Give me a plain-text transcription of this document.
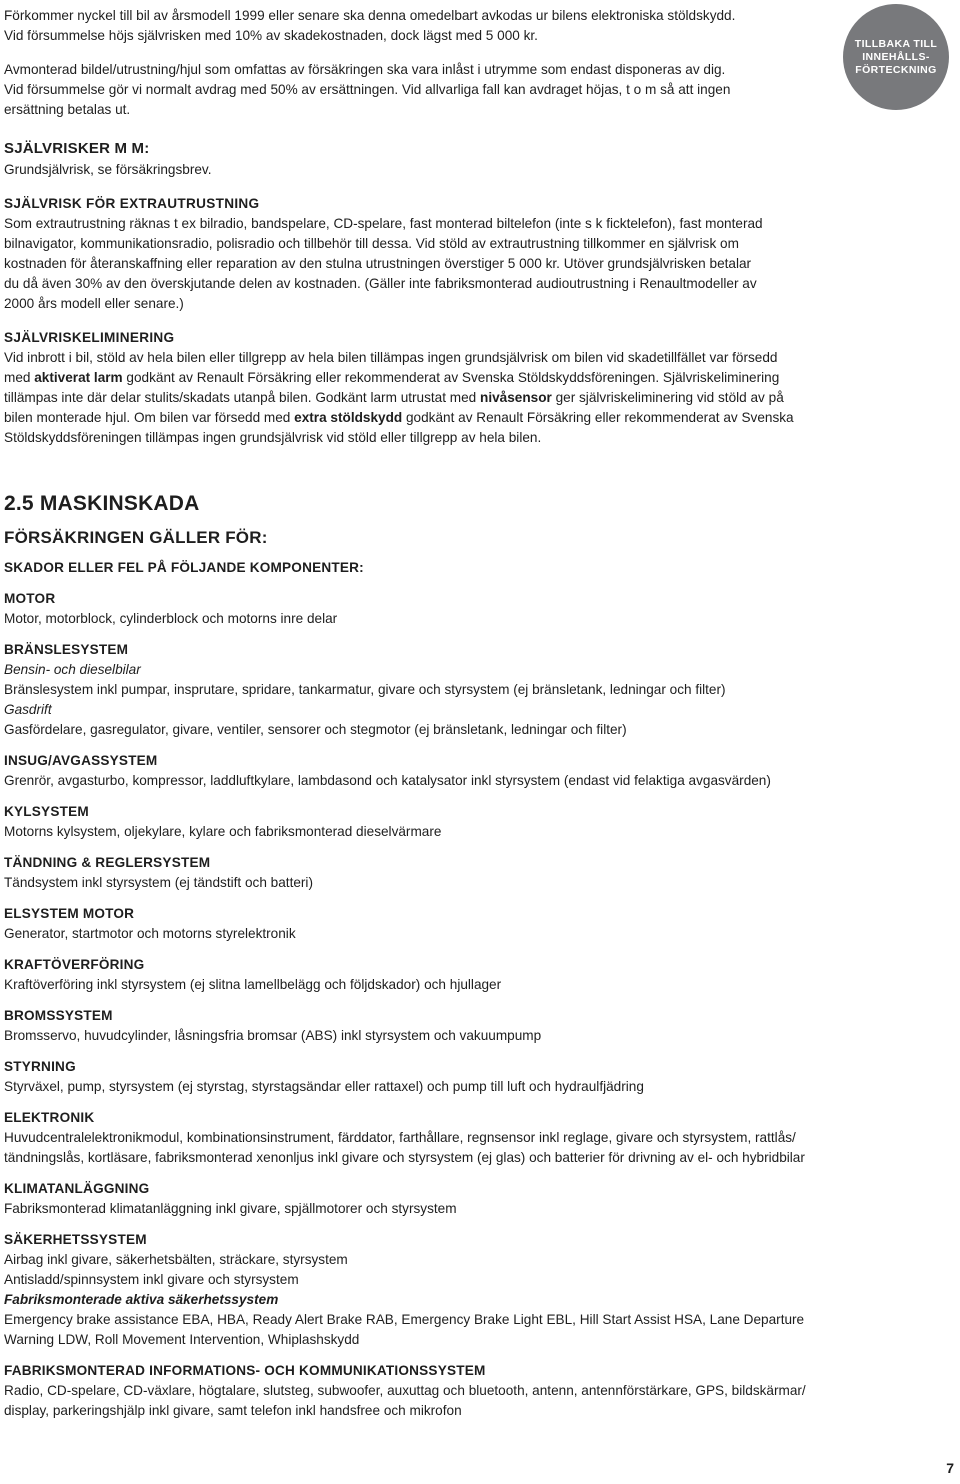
Förkommer nyckel till bil av årsmodell 1999 eller senare ska denna omedelbart avkodas ur bilens elektroniska stöldskydd.

Vid försummelse höjs självrisken med 10% av skadekostnaden, dock lägst med 5 000 kr.

Avmonterad bildel/utrustning/hjul som omfattas av försäkringen ska vara inlåst i utrymme som endast disponeras av dig.

Vid försummelse gör vi normalt avdrag med 50% av ersättningen. Vid allvarliga fall kan avdraget höjas, t o m så att ingen

ersättning betalas ut.

SJÄLVRISKER M M:

Grundsjälvrisk, se försäkringsbrev.

SJÄLVRISK FÖR EXTRAUTRUSTNING

Som extrautrustning räknas t ex bilradio, bandspelare, CD-spelare, fast monterad biltelefon (inte s k ficktelefon), fast monterad

bilnavigator, kommunikationsradio, polisradio och tillbehör till dessa. Vid stöld av extrautrustning tillkommer en självrisk om

kostnaden för återanskaffning eller reparation av den stulna utrustningen överstiger 5 000 kr. Utöver grundsjälvrisken betalar

du då även 30% av den överskjutande delen av kostnaden. (Gäller inte fabriksmonterad audioutrustning i Renaultmodeller av

2000 års modell eller senare.)

SJÄLVRISKELIMINERING

Vid inbrott i bil, stöld av hela bilen eller tillgrepp av hela bilen tillämpas ingen grundsjälvrisk om bilen vid skadetillfället var försedd

med aktiverat larm godkänt av Renault Försäkring eller rekommenderat av Svenska Stöldskyddsföreningen. Självriskeliminering

tillämpas inte där delar stulits/skadats utanpå bilen. Godkänt larm utrustat med nivåsensor ger självriskeliminering vid stöld av på

bilen monterade hjul. Om bilen var försedd med extra stöldskydd godkänt av Renault Försäkring eller rekommenderat av Svenska

Stöldskyddsföreningen tillämpas ingen grundsjälvrisk vid stöld eller tillgrepp av hela bilen.

2.5 MASKINSKADA
FÖRSÄKRINGEN GÄLLER FÖR:
SKADOR ELLER FEL PÅ FÖLJANDE KOMPONENTER:
MOTOR

Motor, motorblock, cylinderblock och motorns inre delar

BRÄNSLESYSTEM

Bensin- och dieselbilar

Bränslesystem inkl pumpar, insprutare, spridare, tankarmatur, givare och styrsystem (ej bränsletank, ledningar och filter)

Gasdrift

Gasfördelare, gasregulator, givare, ventiler, sensorer och stegmotor (ej bränsletank, ledningar och filter)

INSUG/AVGASSYSTEM

Grenrör, avgasturbo, kompressor, laddluftkylare, lambdasond och katalysator inkl styrsystem (endast vid felaktiga avgasvärden)

KYLSYSTEM

Motorns kylsystem, oljekylare, kylare och fabriksmonterad dieselvärmare

TÄNDNING & REGLERSYSTEM

Tändsystem inkl styrsystem (ej tändstift och batteri)

ELSYSTEM MOTOR

Generator, startmotor och motorns styrelektronik

KRAFTÖVERFÖRING

Kraftöverföring inkl styrsystem (ej slitna lamellbelägg och följdskador) och hjullager

BROMSSYSTEM

Bromsservo, huvudcylinder, låsningsfria bromsar (ABS) inkl styrsystem och vakuumpump

STYRNING

Styrväxel, pump, styrsystem (ej styrstag, styrstagsändar eller rattaxel) och pump till luft och hydraulfjädring

ELEKTRONIK

Huvudcentralelektronikmodul, kombinationsinstrument, färddator, farthållare, regnsensor inkl reglage, givare och styrsystem, rattlås/

tändningslås, kortläsare, fabriksmonterad xenonljus inkl givare och styrsystem (ej glas) och batterier för drivning av el- och hybridbilar

KLIMATANLÄGGNING

Fabriksmonterad klimatanläggning inkl givare, spjällmotorer och styrsystem

SÄKERHETSSYSTEM

Airbag inkl givare, säkerhetsbälten, sträckare, styrsystem

Antisladd/spinnsystem inkl givare och styrsystem

Fabriksmonterade aktiva säkerhetssystem

Emergency brake assistance EBA, HBA, Ready Alert Brake RAB, Emergency Brake Light EBL, Hill Start Assist HSA, Lane Departure

Warning LDW, Roll Movement Intervention, Whiplashskydd

FABRIKSMONTERAD INFORMATIONS- OCH KOMMUNIKATIONSSYSTEM

Radio, CD-spelare, CD-växlare, högtalare, slutsteg, subwoofer, auxuttag och bluetooth, antenn, antennförstärkare, GPS, bildskärmar/

display, parkeringshjälp inkl givare, samt telefon inkl handsfree och mikrofon

TILLBAKA TILL INNEHÅLLS-FÖRTECKNING
7
